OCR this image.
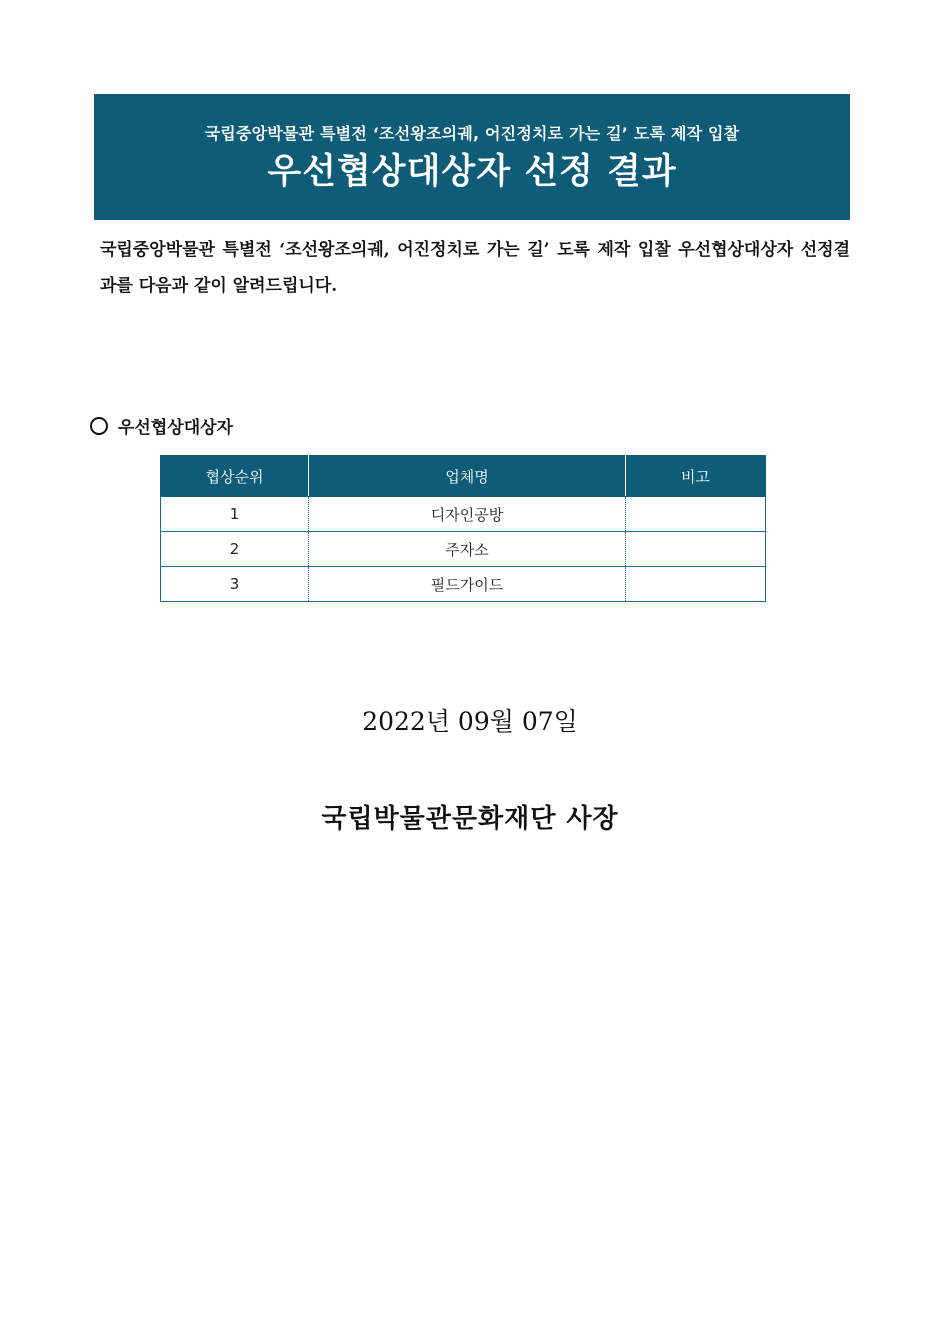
국립중앙박물관 특별전 ‘조선왕조의궤, 어진정치로 가는 길’ 도록 제작 입찰
우선협상대상자 선정 결과
국립중앙박물관 특별전 ‘조선왕조의궤, 어진정치로 가는 길’ 도록 제작 입찰 우선협상대상자 선정결과를 다음과 같이 알려드립니다.
우선협상대상자
협상순위	업체명	비고
1	디자인공방	
2	주자소	
3	필드가이드	
2022년 09월 07일
국립박물관문화재단 사장
